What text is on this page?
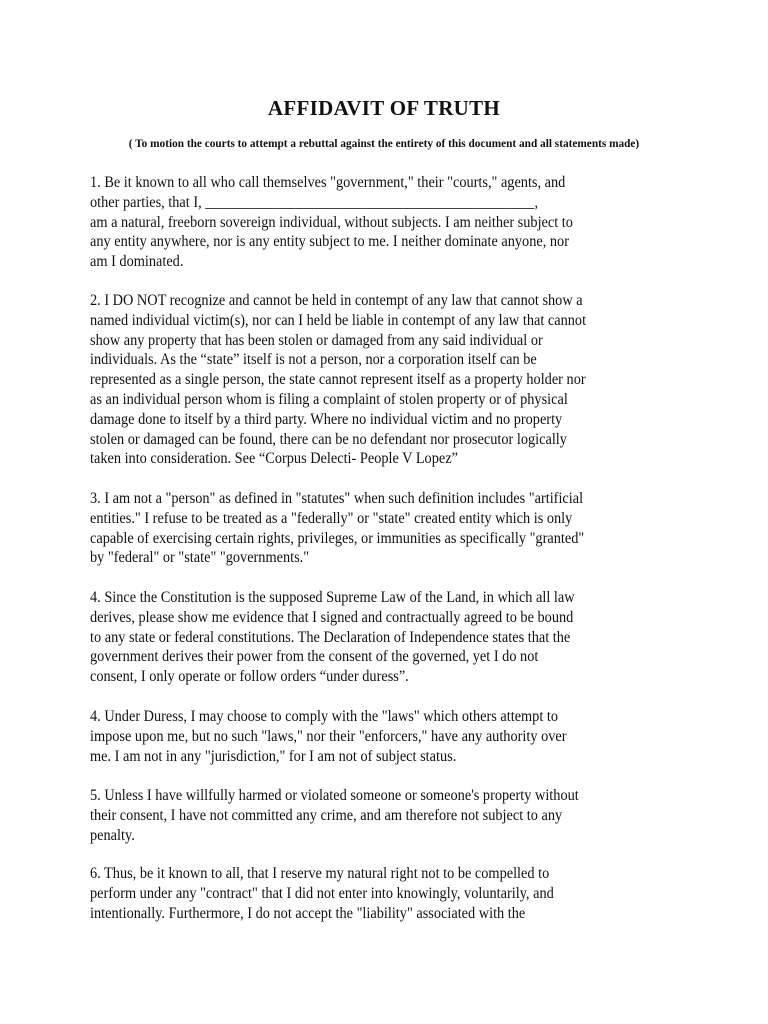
AFFIDAVIT OF TRUTH
( To motion the courts to attempt a rebuttal against the entirety of this document and all statements made)
1. Be it known to all who call themselves "government," their "courts," agents, and
other parties, that I, ______________________________________________,
am a natural, freeborn sovereign individual, without subjects. I am neither subject to
any entity anywhere, nor is any entity subject to me. I neither dominate anyone, nor
am I dominated.
2. I DO NOT recognize and cannot be held in contempt of any law that cannot show a
named individual victim(s), nor can I held be liable in contempt of any law that cannot
show any property that has been stolen or damaged from any said individual or
individuals. As the “state” itself is not a person, nor a corporation itself can be
represented as a single person, the state cannot represent itself as a property holder nor
as an individual person whom is filing a complaint of stolen property or of physical
damage done to itself by a third party. Where no individual victim and no property
stolen or damaged can be found, there can be no defendant nor prosecutor logically
taken into consideration. See “Corpus Delecti- People V Lopez”
3. I am not a "person" as defined in "statutes" when such definition includes "artificial
entities." I refuse to be treated as a "federally" or "state" created entity which is only
capable of exercising certain rights, privileges, or immunities as specifically "granted"
by "federal" or "state" "governments."
4. Since the Constitution is the supposed Supreme Law of the Land, in which all law
derives, please show me evidence that I signed and contractually agreed to be bound
to any state or federal constitutions. The Declaration of Independence states that the
government derives their power from the consent of the governed, yet I do not
consent, I only operate or follow orders “under duress”.
4. Under Duress, I may choose to comply with the "laws" which others attempt to
impose upon me, but no such "laws," nor their "enforcers," have any authority over
me. I am not in any "jurisdiction," for I am not of subject status.
5. Unless I have willfully harmed or violated someone or someone's property without
their consent, I have not committed any crime, and am therefore not subject to any
penalty.
6. Thus, be it known to all, that I reserve my natural right not to be compelled to
perform under any "contract" that I did not enter into knowingly, voluntarily, and
intentionally. Furthermore, I do not accept the "liability" associated with the
